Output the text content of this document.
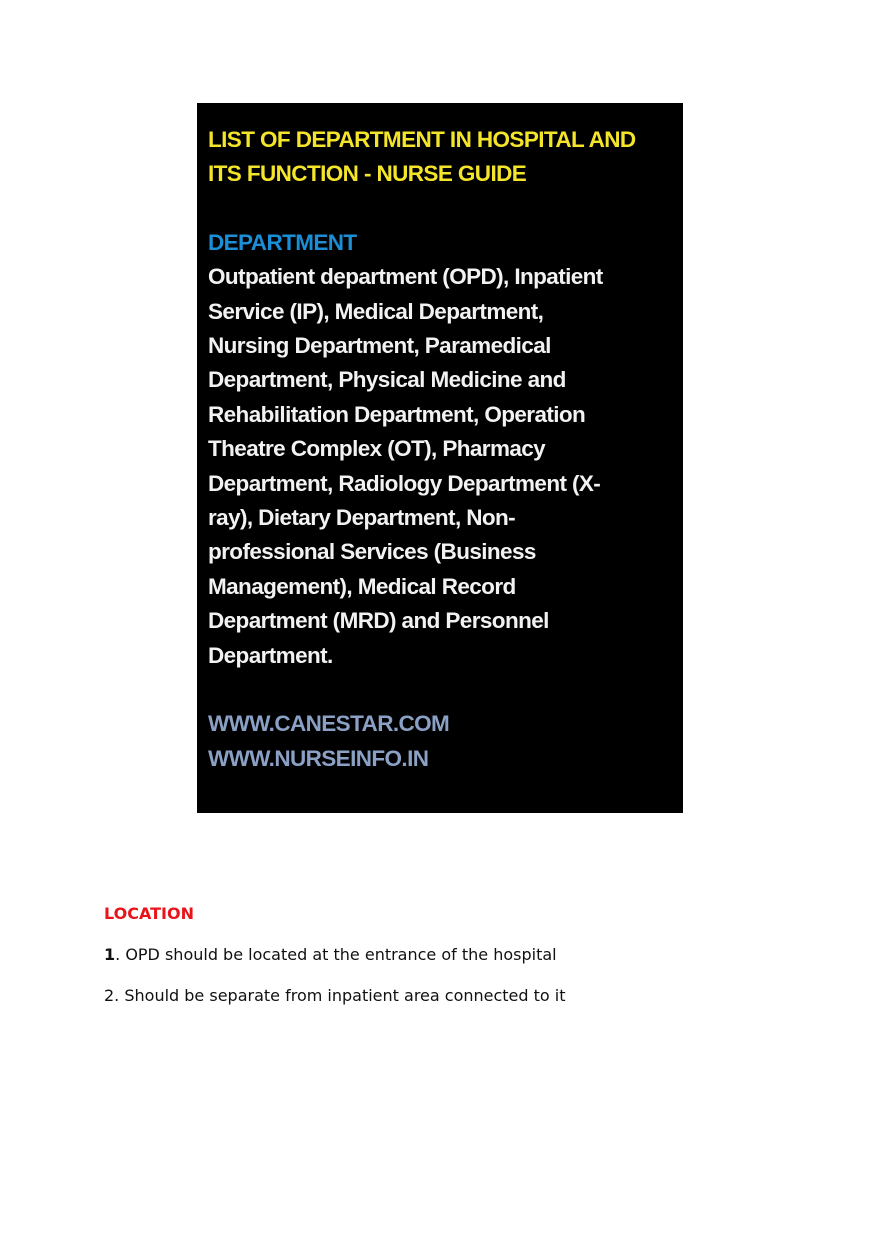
LIST OF DEPARTMENT IN HOSPITAL AND
ITS FUNCTION - NURSE GUIDE
DEPARTMENT
Outpatient department (OPD), Inpatient
Service (IP), Medical Department,
Nursing Department, Paramedical
Department, Physical Medicine and
Rehabilitation Department, Operation
Theatre Complex (OT), Pharmacy
Department, Radiology Department (X-
ray), Dietary Department, Non-
professional Services (Business
Management), Medical Record
Department (MRD) and Personnel
Department.
WWW.CANESTAR.COM
WWW.NURSEINFO.IN
LOCATION

1. OPD should be located at the entrance of the hospital

2. Should be separate from inpatient area connected to it
